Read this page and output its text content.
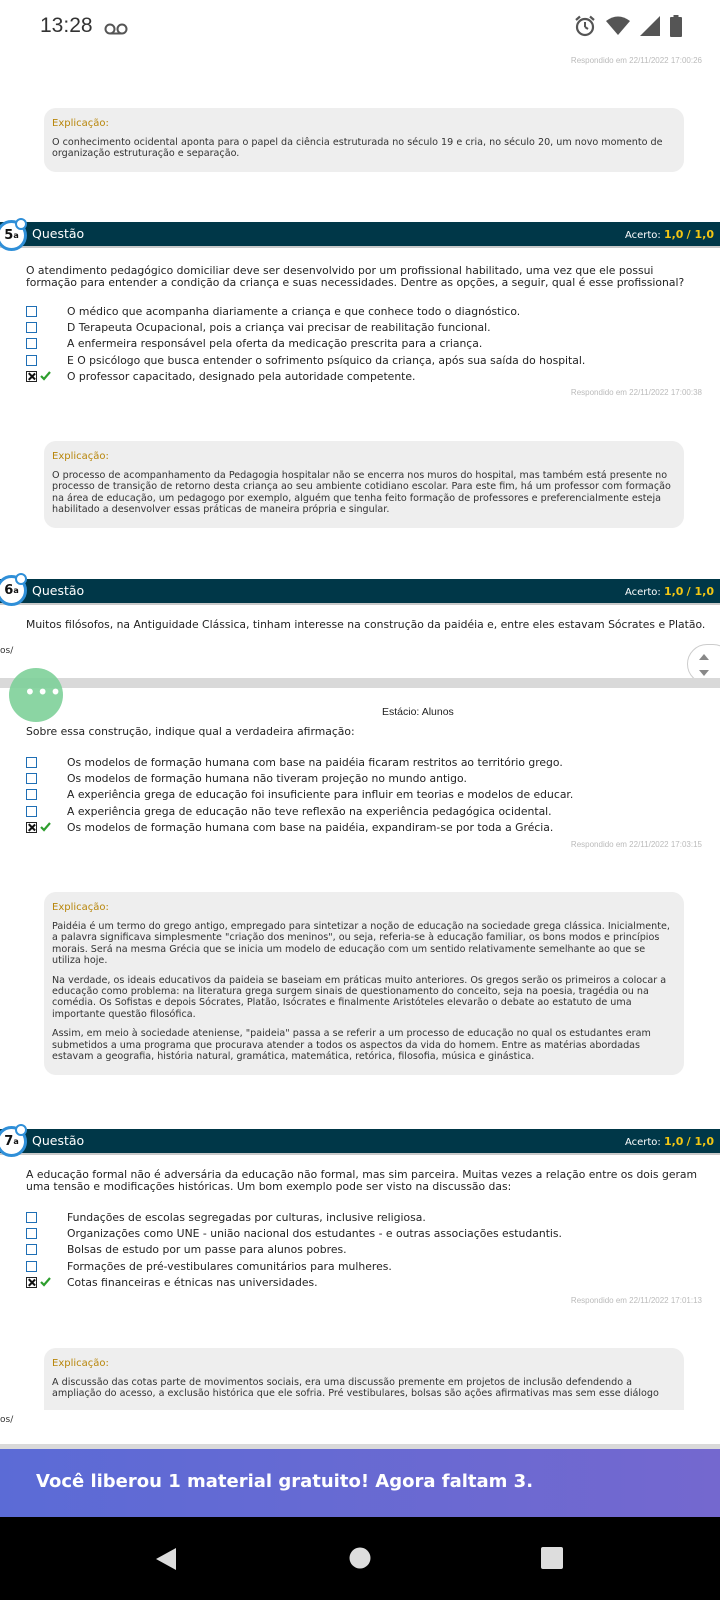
13:28
Respondido em 22/11/2022 17:00:26
Explicação:

O conhecimento ocidental aponta para o papel da ciência estruturada no século 19 e cria, no século 20, um novo momento de organização estruturação e separação.

Questão	Acerto: 1,0 / 1,0
5 a
O atendimento pedagógico domiciliar deve ser desenvolvido por um profissional habilitado, uma vez que ele possui formação para entender a condição da criança e suas necessidades. Dentre as opções, a seguir, qual é esse profissional?
O médico que acompanha diariamente a criança e que conhece todo o diagnóstico.
D Terapeuta Ocupacional, pois a criança vai precisar de reabilitação funcional.
A enfermeira responsável pela oferta da medicação prescrita para a criança.
E O psicólogo que busca entender o sofrimento psíquico da criança, após sua saída do hospital.
O professor capacitado, designado pela autoridade competente.
Respondido em 22/11/2022 17:00:38
Explicação:

O processo de acompanhamento da Pedagogia hospitalar não se encerra nos muros do hospital, mas também está presente no processo de transição de retorno desta criança ao seu ambiente cotidiano escolar. Para este fim, há um professor com formação na área de educação, um pedagogo por exemplo, alguém que tenha feito formação de professores e preferencialmente esteja habilitado a desenvolver essas práticas de maneira própria e singular.

Questão	Acerto: 1,0 / 1,0
6 a
Muitos filósofos, na Antiguidade Clássica, tinham interesse na construção da paidéia e, entre eles estavam Sócrates e Platão.
os/
•••
Estácio: Alunos
Sobre essa construção, indique qual a verdadeira afirmação:
Os modelos de formação humana com base na paidéia ficaram restritos ao território grego.
Os modelos de formação humana não tiveram projeção no mundo antigo.
A experiência grega de educação foi insuficiente para influir em teorias e modelos de educar.
A experiência grega de educação não teve reflexão na experiência pedagógica ocidental.
Os modelos de formação humana com base na paidéia, expandiram-se por toda a Grécia.
Respondido em 22/11/2022 17:03:15
Explicação:

Paidéia é um termo do grego antigo, empregado para sintetizar a noção de educação na sociedade grega clássica. Inicialmente, a palavra significava simplesmente "criação dos meninos", ou seja, referia-se à educação familiar, os bons modos e princípios morais. Será na mesma Grécia que se inicia um modelo de educação com um sentido relativamente semelhante ao que se utiliza hoje.

Na verdade, os ideais educativos da paideia se baseiam em práticas muito anteriores. Os gregos serão os primeiros a colocar a educação como problema: na literatura grega surgem sinais de questionamento do conceito, seja na poesia, tragédia ou na comédia. Os Sofistas e depois Sócrates, Platão, Isócrates e finalmente Aristóteles elevarão o debate ao estatuto de uma importante questão filosófica.

Assim, em meio à sociedade ateniense, "paideia" passa a se referir a um processo de educação no qual os estudantes eram submetidos a uma programa que procurava atender a todos os aspectos da vida do homem. Entre as matérias abordadas estavam a geografia, história natural, gramática, matemática, retórica, filosofia, música e ginástica.

Questão	Acerto: 1,0 / 1,0
7 a
A educação formal não é adversária da educação não formal, mas sim parceira. Muitas vezes a relação entre os dois geram uma tensão e modificações históricas. Um bom exemplo pode ser visto na discussão das:
Fundações de escolas segregadas por culturas, inclusive religiosa.
Organizações como UNE - união nacional dos estudantes - e outras associações estudantis.
Bolsas de estudo por um passe para alunos pobres.
Formações de pré-vestibulares comunitários para mulheres.
Cotas financeiras e étnicas nas universidades.
Respondido em 22/11/2022 17:01:13
Explicação:

A discussão das cotas parte de movimentos sociais, era uma discussão premente em projetos de inclusão defendendo a ampliação do acesso, a exclusão histórica que ele sofria. Pré vestibulares, bolsas são ações afirmativas mas sem esse diálogo

os/
Você liberou 1 material gratuito! Agora faltam 3.
